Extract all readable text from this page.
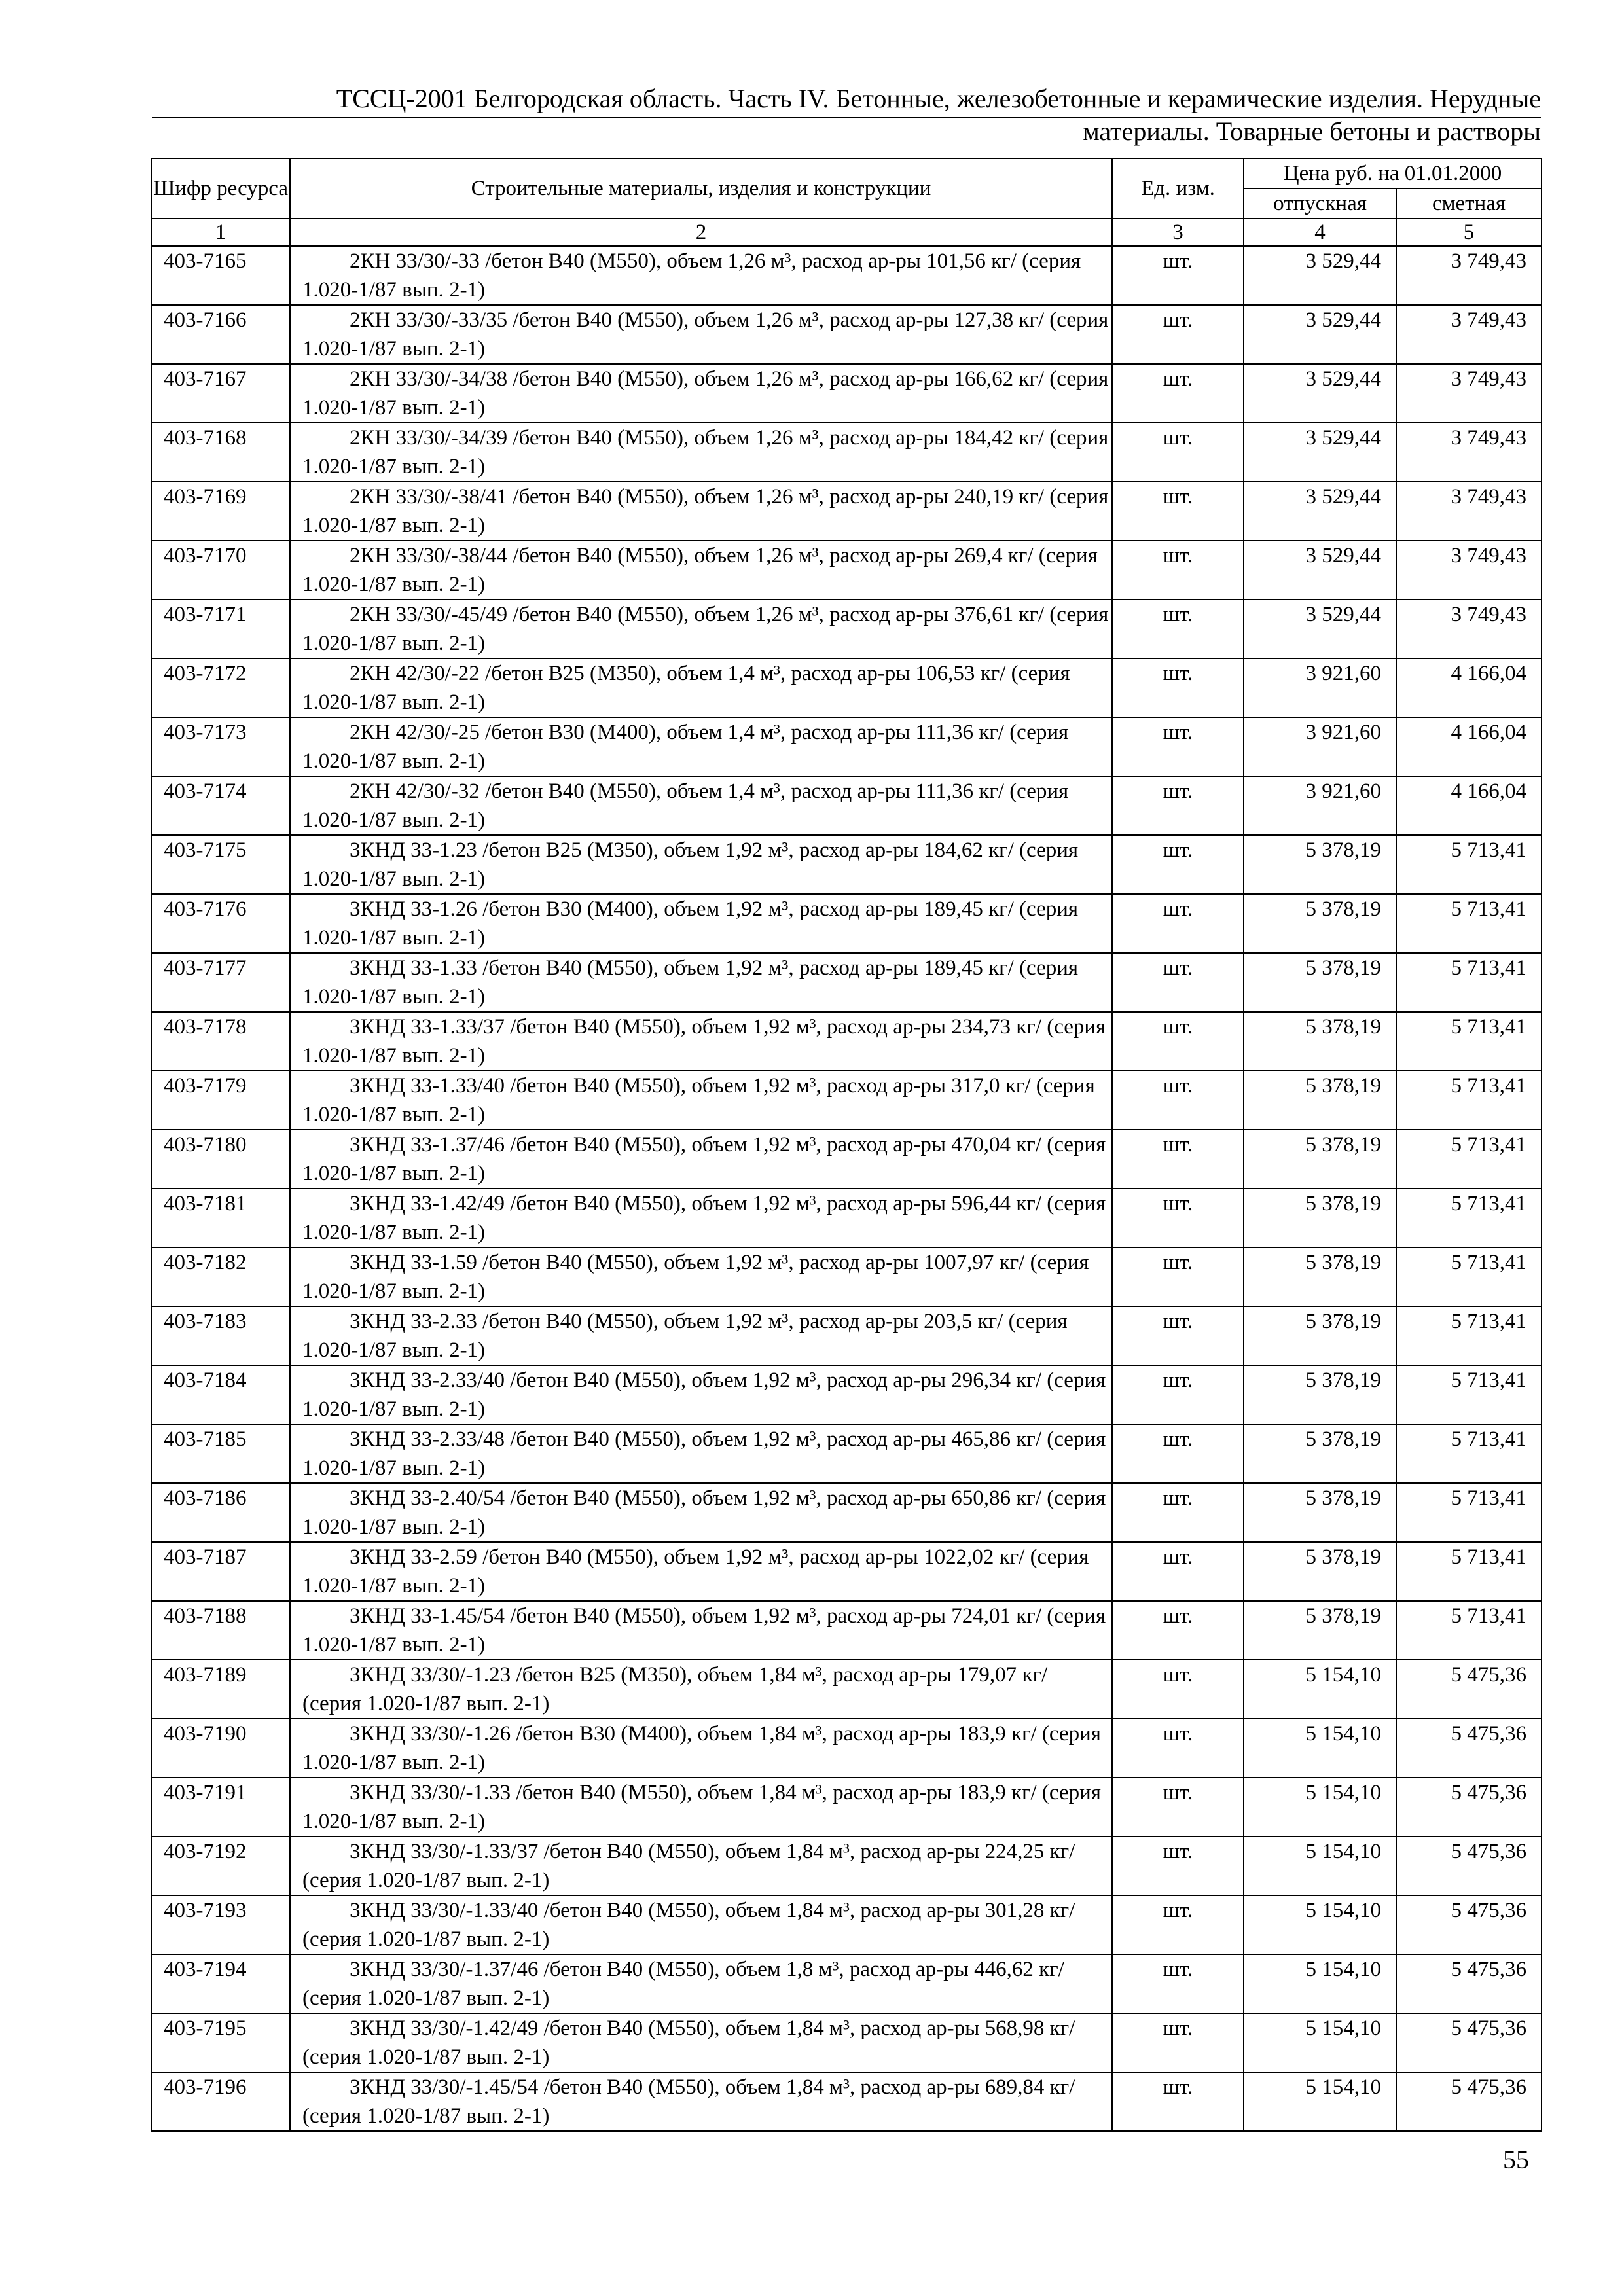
ТССЦ-2001 Белгородская область. Часть IV. Бетонные, железобетонные и керамические изделия. Нерудные
материалы. Товарные бетоны и растворы
Шифр ресурса	Строительные материалы, изделия и конструкции	Ед. изм.	Цена руб. на 01.01.2000	
			отпускная	сметная
1	2	3	4	5
403-7165	2КН 33/30/-33 /бетон В40 (М550), объем 1,26 м³, расход ар-ры 101,56 кг/ (серия 1.020-1/87 вып. 2-1)	шт.	3 529,44	3 749,43
403-7166	2КН 33/30/-33/35 /бетон В40 (М550), объем 1,26 м³, расход ар-ры 127,38 кг/ (серия 1.020-1/87 вып. 2-1)	шт.	3 529,44	3 749,43
403-7167	2КН 33/30/-34/38 /бетон В40 (М550), объем 1,26 м³, расход ар-ры 166,62 кг/ (серия 1.020-1/87 вып. 2-1)	шт.	3 529,44	3 749,43
403-7168	2КН 33/30/-34/39 /бетон В40 (М550), объем 1,26 м³, расход ар-ры 184,42 кг/ (серия 1.020-1/87 вып. 2-1)	шт.	3 529,44	3 749,43
403-7169	2КН 33/30/-38/41 /бетон В40 (М550), объем 1,26 м³, расход ар-ры 240,19 кг/ (серия 1.020-1/87 вып. 2-1)	шт.	3 529,44	3 749,43
403-7170	2КН 33/30/-38/44 /бетон В40 (М550), объем 1,26 м³, расход ар-ры 269,4 кг/ (серия 1.020-1/87 вып. 2-1)	шт.	3 529,44	3 749,43
403-7171	2КН 33/30/-45/49 /бетон В40 (М550), объем 1,26 м³, расход ар-ры 376,61 кг/ (серия 1.020-1/87 вып. 2-1)	шт.	3 529,44	3 749,43
403-7172	2КН 42/30/-22 /бетон В25 (М350), объем 1,4 м³, расход ар-ры 106,53 кг/ (серия 1.020-1/87 вып. 2-1)	шт.	3 921,60	4 166,04
403-7173	2КН 42/30/-25 /бетон В30 (М400), объем 1,4 м³, расход ар-ры 111,36 кг/ (серия 1.020-1/87 вып. 2-1)	шт.	3 921,60	4 166,04
403-7174	2КН 42/30/-32 /бетон В40 (М550), объем 1,4 м³, расход ар-ры 111,36 кг/ (серия 1.020-1/87 вып. 2-1)	шт.	3 921,60	4 166,04
403-7175	3КНД 33-1.23 /бетон В25 (М350), объем 1,92 м³, расход ар-ры 184,62 кг/ (серия 1.020-1/87 вып. 2-1)	шт.	5 378,19	5 713,41
403-7176	3КНД 33-1.26 /бетон В30 (М400), объем 1,92 м³, расход ар-ры 189,45 кг/ (серия 1.020-1/87 вып. 2-1)	шт.	5 378,19	5 713,41
403-7177	3КНД 33-1.33 /бетон В40 (М550), объем 1,92 м³, расход ар-ры 189,45 кг/ (серия 1.020-1/87 вып. 2-1)	шт.	5 378,19	5 713,41
403-7178	3КНД 33-1.33/37 /бетон В40 (М550), объем 1,92 м³, расход ар-ры 234,73 кг/ (серия 1.020-1/87 вып. 2-1)	шт.	5 378,19	5 713,41
403-7179	3КНД 33-1.33/40 /бетон В40 (М550), объем 1,92 м³, расход ар-ры 317,0 кг/ (серия 1.020-1/87 вып. 2-1)	шт.	5 378,19	5 713,41
403-7180	3КНД 33-1.37/46 /бетон В40 (М550), объем 1,92 м³, расход ар-ры 470,04 кг/ (серия 1.020-1/87 вып. 2-1)	шт.	5 378,19	5 713,41
403-7181	3КНД 33-1.42/49 /бетон В40 (М550), объем 1,92 м³, расход ар-ры 596,44 кг/ (серия 1.020-1/87 вып. 2-1)	шт.	5 378,19	5 713,41
403-7182	3КНД 33-1.59 /бетон В40 (М550), объем 1,92 м³, расход ар-ры 1007,97 кг/ (серия 1.020-1/87 вып. 2-1)	шт.	5 378,19	5 713,41
403-7183	3КНД 33-2.33 /бетон В40 (М550), объем 1,92 м³, расход ар-ры 203,5 кг/ (серия 1.020-1/87 вып. 2-1)	шт.	5 378,19	5 713,41
403-7184	3КНД 33-2.33/40 /бетон В40 (М550), объем 1,92 м³, расход ар-ры 296,34 кг/ (серия 1.020-1/87 вып. 2-1)	шт.	5 378,19	5 713,41
403-7185	3КНД 33-2.33/48 /бетон В40 (М550), объем 1,92 м³, расход ар-ры 465,86 кг/ (серия 1.020-1/87 вып. 2-1)	шт.	5 378,19	5 713,41
403-7186	3КНД 33-2.40/54 /бетон В40 (М550), объем 1,92 м³, расход ар-ры 650,86 кг/ (серия 1.020-1/87 вып. 2-1)	шт.	5 378,19	5 713,41
403-7187	3КНД 33-2.59 /бетон В40 (М550), объем 1,92 м³, расход ар-ры 1022,02 кг/ (серия 1.020-1/87 вып. 2-1)	шт.	5 378,19	5 713,41
403-7188	3КНД 33-1.45/54 /бетон В40 (М550), объем 1,92 м³, расход ар-ры 724,01 кг/ (серия 1.020-1/87 вып. 2-1)	шт.	5 378,19	5 713,41
403-7189	3КНД 33/30/-1.23 /бетон В25 (М350), объем 1,84 м³, расход ар-ры 179,07 кг/ (серия 1.020-1/87 вып. 2-1)	шт.	5 154,10	5 475,36
403-7190	3КНД 33/30/-1.26 /бетон В30 (М400), объем 1,84 м³, расход ар-ры 183,9 кг/ (серия 1.020-1/87 вып. 2-1)	шт.	5 154,10	5 475,36
403-7191	3КНД 33/30/-1.33 /бетон В40 (М550), объем 1,84 м³, расход ар-ры 183,9 кг/ (серия 1.020-1/87 вып. 2-1)	шт.	5 154,10	5 475,36
403-7192	3КНД 33/30/-1.33/37 /бетон В40 (М550), объем 1,84 м³, расход ар-ры 224,25 кг/ (серия 1.020-1/87 вып. 2-1)	шт.	5 154,10	5 475,36
403-7193	3КНД 33/30/-1.33/40 /бетон В40 (М550), объем 1,84 м³, расход ар-ры 301,28 кг/ (серия 1.020-1/87 вып. 2-1)	шт.	5 154,10	5 475,36
403-7194	3КНД 33/30/-1.37/46 /бетон В40 (М550), объем 1,8 м³, расход ар-ры 446,62 кг/ (серия 1.020-1/87 вып. 2-1)	шт.	5 154,10	5 475,36
403-7195	3КНД 33/30/-1.42/49 /бетон В40 (М550), объем 1,84 м³, расход ар-ры 568,98 кг/ (серия 1.020-1/87 вып. 2-1)	шт.	5 154,10	5 475,36
403-7196	3КНД 33/30/-1.45/54 /бетон В40 (М550), объем 1,84 м³, расход ар-ры 689,84 кг/ (серия 1.020-1/87 вып. 2-1)	шт.	5 154,10	5 475,36
55
